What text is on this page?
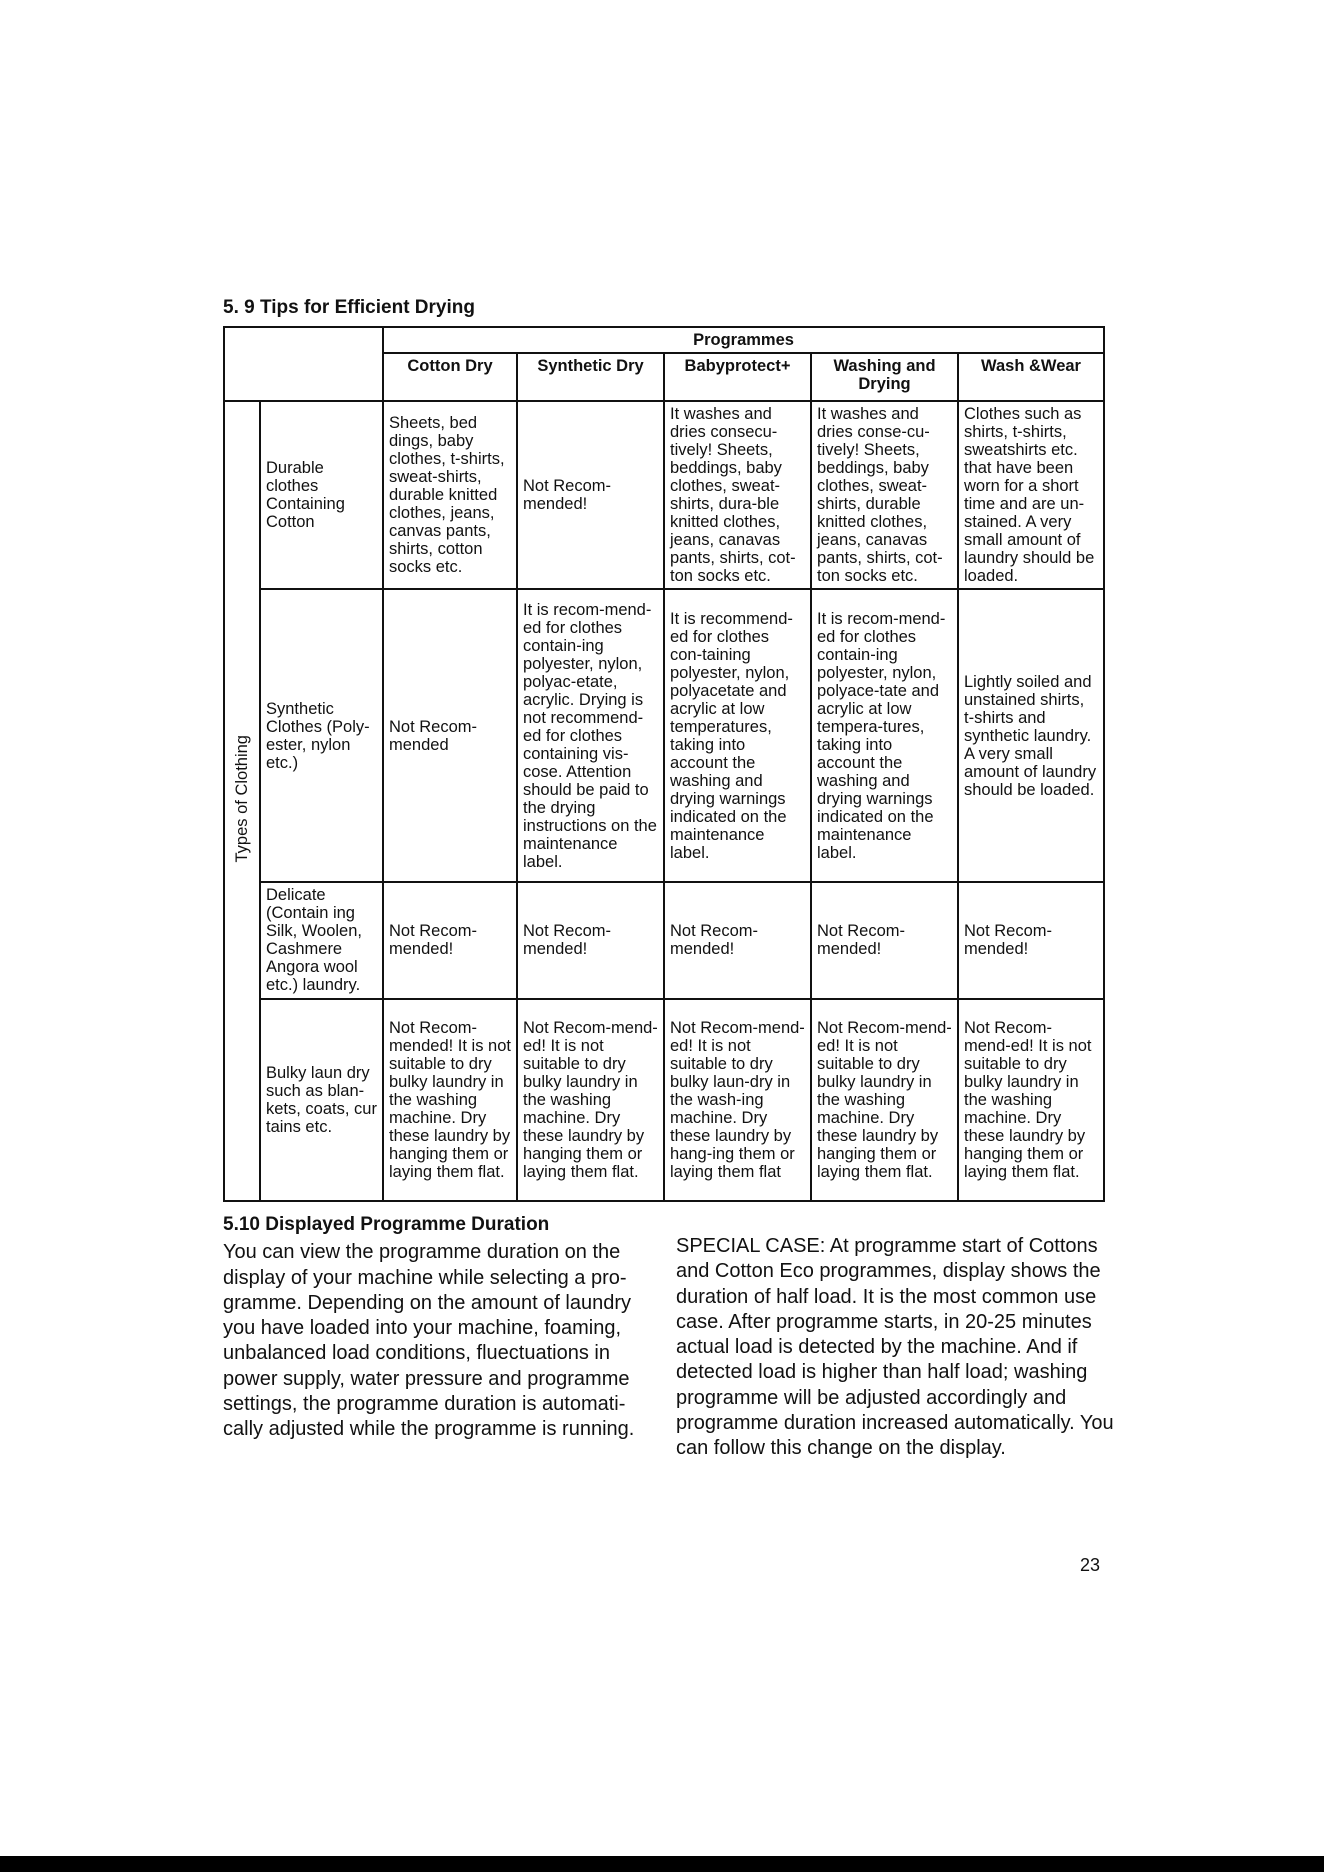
5. 9 Tips for Efficient Drying
		Programmes				
		Cotton Dry	Synthetic Dry	Babyprotect+	Washing and Drying	Wash &Wear
Types of Clothing	Durable clothes Containing Cotton	Sheets, bed dings, baby clothes, t-shirts, sweat-shirts, durable knitted clothes, jeans, canvas pants, shirts, cotton socks etc.	Not Recom-mended!	It washes and dries consecu-tively! Sheets, beddings, baby clothes, sweat-shirts, dura-ble knitted clothes, jeans, canavas pants, shirts, cot-ton socks etc.	It washes and dries conse-cu-tively! Sheets, beddings, baby clothes, sweat-shirts, durable knitted clothes, jeans, canavas pants, shirts, cot-ton socks etc.	Clothes such as shirts, t-shirts, sweatshirts etc. that have been worn for a short time and are un-stained. A very small amount of laundry should be loaded.
	Synthetic Clothes (Poly-ester, nylon etc.)	Not Recom-mended	It is recom-mend-ed for clothes contain-ing polyester, nylon, polyac-etate, acrylic. Drying is not recommend-ed for clothes containing vis-cose. Attention should be paid to the drying instructions on the maintenance label.	It is recommend-ed for clothes con-taining polyester, nylon, polyacetate and acrylic at low temperatures, taking into account the washing and drying warnings indicated on the maintenance label.	It is recom-mend-ed for clothes contain-ing polyester, nylon, polyace-tate and acrylic at low tempera-tures, taking into account the washing and drying warnings indicated on the maintenance label.	Lightly soiled and unstained shirts, t-shirts and synthetic laundry. A very small amount of laundry should be loaded.
	Delicate (Contain ing Silk, Woolen, Cashmere Angora wool etc.) laundry.	Not Recom-mended!	Not Recom-mended!	Not Recom-mended!	Not Recom-mended!	Not Recom-mended!
	Bulky laun dry such as blan-kets, coats, cur tains etc.	Not Recom-mended! It is not suitable to dry bulky laundry in the washing machine. Dry these laundry by hanging them or laying them flat.	Not Recom-mend-ed! It is not suitable to dry bulky laundry in the washing machine. Dry these laundry by hanging them or laying them flat.	Not Recom-mend-ed! It is not suitable to dry bulky laun-dry in the wash-ing machine. Dry these laundry by hang-ing them or laying them flat	Not Recom-mend-ed! It is not suitable to dry bulky laundry in the washing machine. Dry these laundry by hanging them or laying them flat.	Not Recom-mend-ed! It is not suitable to dry bulky laundry in the washing machine. Dry these laundry by hanging them or laying them flat.
5.10 Displayed Programme Duration
You can view the programme duration on the display of your machine while selecting a pro-gramme. Depending on the amount of laundry you have loaded into your machine, foaming, unbalanced load conditions, fluectuations in power supply, water pressure and programme settings, the programme duration is automati-cally adjusted while the programme is running.
SPECIAL CASE: At programme start of Cottons and Cotton Eco programmes, display shows the duration of half load. It is the most common use case. After programme starts, in 20-25 minutes actual load is detected by the machine. And if detected load is higher than half load; washing programme will be adjusted accordingly and programme duration increased automatically. You can follow this change on the display.
23
